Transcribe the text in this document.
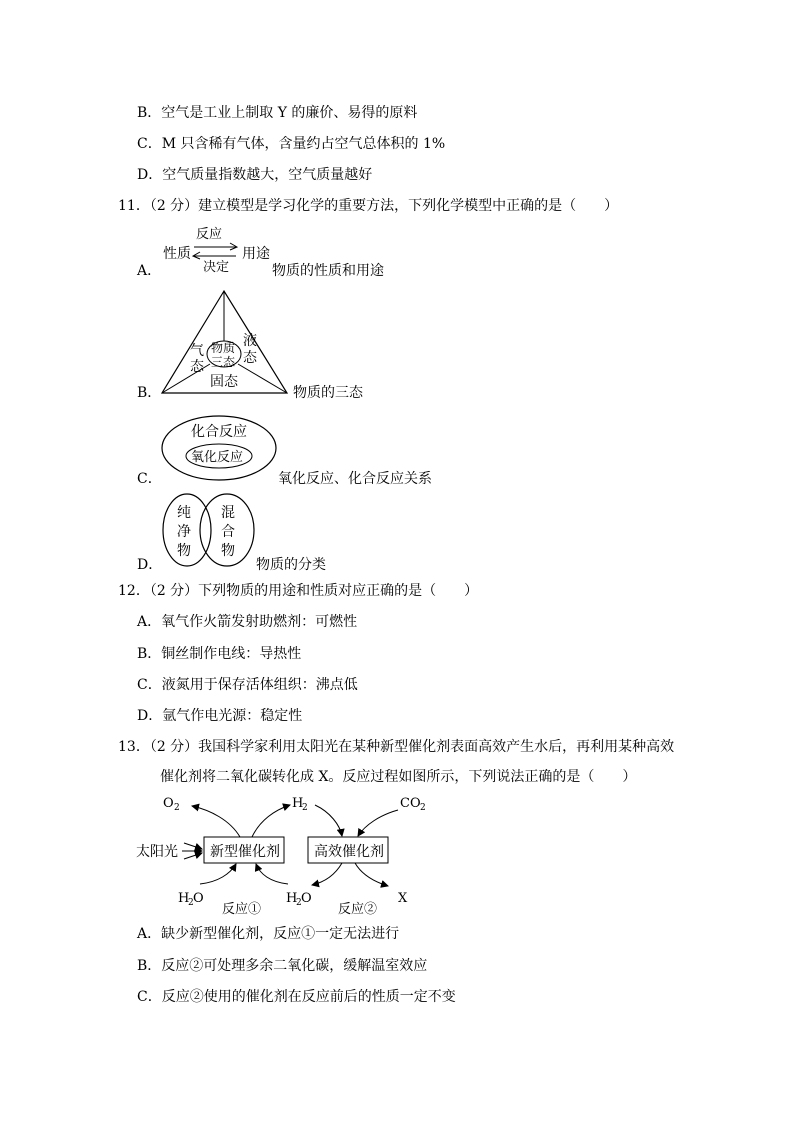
B．空气是工业上制取 Y 的廉价、易得的原料
C．M 只含稀有气体，含量约占空气总体积的 1%
D．空气质量指数越大，空气质量越好
11．（2 分）建立模型是学习化学的重要方法，下列化学模型中正确的是（　　）
A．
性质	用途
反应
决定	物质的性质和用途
B．
物质
三态
气
态
液
态
固态
物质的三态
C．
化合反应
氧化反应
氧化反应、化合反应关系
D．
纯
净
物
混
合
物
物质的分类
12．（2 分）下列物质的用途和性质对应正确的是（　　）
A．氧气作火箭发射助燃剂：可燃性
B．铜丝制作电线：导热性
C．液氮用于保存活体组织：沸点低
D．氩气作电光源：稳定性
13．（2 分）我国科学家利用太阳光在某种新型催化剂表面高效产生水后，再利用某种高效
催化剂将二氧化碳转化成 X。反应过程如图所示，下列说法正确的是（　　）
O 2	H
2	CO 2
太阳光 新型催化剂 高效催化剂
H
2 O	H
2 O	X
反应①	反应②
A．缺少新型催化剂，反应①一定无法进行
B．反应②可处理多余二氧化碳，缓解温室效应
C．反应②使用的催化剂在反应前后的性质一定不变
